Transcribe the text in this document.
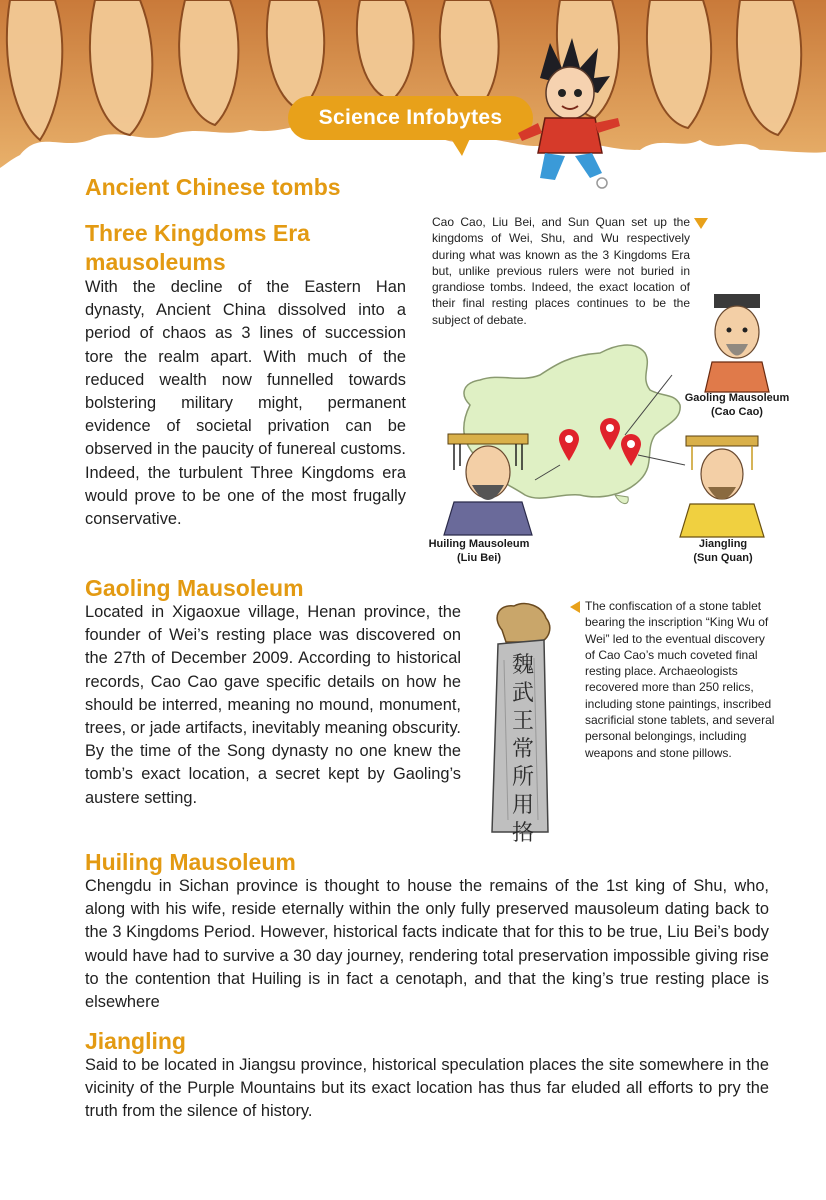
Science Infobytes
Ancient Chinese tombs
Three Kingdoms Era
mausoleums

With the decline of the Eastern Han dynasty, Ancient China dissolved into a period of chaos as 3 lines of succession tore the realm apart. With much of the reduced wealth now funnelled towards bolstering military might, permanent evidence of societal privation can be observed in the paucity of funereal customs. Indeed, the turbulent Three Kingdoms era would prove to be one of the most frugally conservative.

Cao Cao, Liu Bei, and Sun Quan set up the kingdoms of Wei, Shu, and Wu respectively during what was known as the 3 Kingdoms Era but, unlike previous rulers were not buried in grandiose tombs. Indeed, the exact location of their final resting places continues to be the subject of debate.

Gaoling Mausoleum
(Cao Cao)
Huiling Mausoleum
(Liu Bei)
Jiangling
(Sun Quan)
Gaoling Mausoleum

Located in Xigaoxue village, Henan province, the founder of Wei’s resting place was discovered on the 27th of December 2009. According to historical records, Cao Cao gave specific details on how he should be interred, meaning no mound, monument, trees, or jade artifacts, inevitably meaning obscurity. By the time of the Song dynasty no one knew the tomb’s exact location, a secret kept by Gaoling’s austere setting.

魏武王常所用挌

The confiscation of a stone tablet bearing the inscription “King Wu of Wei” led to the eventual discovery of Cao Cao’s much coveted final resting place. Archaeologists recovered more than 250 relics, including stone paintings, inscribed sacrificial stone tablets, and several personal belongings, including weapons and stone pillows.

Huiling Mausoleum

Chengdu in Sichan province is thought to house the remains of the 1st king of Shu, who, along with his wife, reside eternally within the only fully preserved mausoleum dating back to the 3 Kingdoms Period. However, historical facts indicate that for this to be true, Liu Bei’s body would have had to survive a 30 day journey, rendering total preservation impossible giving rise to the contention that Huiling is in fact a cenotaph, and that the king’s true resting place is elsewhere

Jiangling

Said to be located in Jiangsu province, historical speculation places the site somewhere in the vicinity of the Purple Mountains but its exact location has thus far eluded all efforts to pry the truth from the silence of history.
